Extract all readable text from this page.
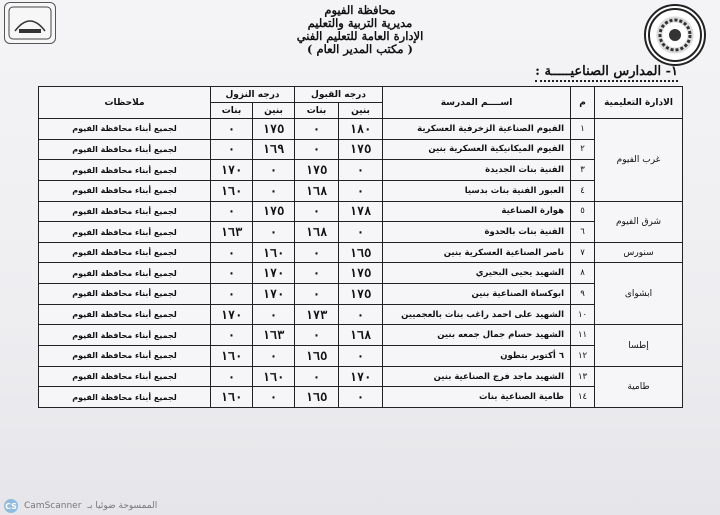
محافظة الفيوم
مديرية التربية والتعليم
الإدارة العامة للتعليم الفني
( مكتب المدير العام )
١- المدارس الصناعيـــــة :
الادارة التعليمية	م	اســــم المدرسة	درجه القبول		درجه النزول		ملاحظات
			بنين	بنات	بنين	بنات	
غرب الفيوم	١	الفيوم الصناعية الزخرفية العسكرية	١٨٠	٠	١٧٥	٠	لجميع أبناء محافظة الفيوم
	٢	الفيوم الميكانيكية العسكرية بنين	١٧٥	٠	١٦٩	٠	لجميع أبناء محافظة الفيوم
	٣	الفنية بنات الجديدة	٠	١٧٥	٠	١٧٠	لجميع أبناء محافظة الفيوم
	٤	العبور الفنية بنات بدسيا	٠	١٦٨	٠	١٦٠	لجميع أبناء محافظة الفيوم
شرق الفيوم	٥	هوارة الصناعية	١٧٨	٠	١٧٥	٠	لجميع أبناء محافظة الفيوم
	٦	الفنية بنات بالحدوة	٠	١٦٨	٠	١٦٣	لجميع أبناء محافظة الفيوم
سنورس	٧	ناصر الصناعية العسكرية بنين	١٦٥	٠	١٦٠	٠	لجميع أبناء محافظة الفيوم
ابشواى	٨	الشهيد يحيى البحيري	١٧٥	٠	١٧٠	٠	لجميع أبناء محافظة الفيوم
	٩	ابوكساة الصناعية بنين	١٧٥	٠	١٧٠	٠	لجميع أبناء محافظة الفيوم
	١٠	الشهيد على احمد راغب بنات بالعجميين	٠	١٧٣	٠	١٧٠	لجميع أبناء محافظة الفيوم
إطسا	١١	الشهيد حسام جمال جمعه بنين	١٦٨	٠	١٦٣	٠	لجميع أبناء محافظة الفيوم
	١٢	٦ أكتوبر بتطون	٠	١٦٥	٠	١٦٠	لجميع أبناء محافظة الفيوم
طامية	١٣	الشهيد ماجد فرج الصناعية بنين	١٧٠	٠	١٦٠	٠	لجميع أبناء محافظة الفيوم
	١٤	طامية الصناعية بنات	٠	١٦٥	٠	١٦٠	لجميع أبناء محافظة الفيوم
CS CamScanner الممسوحة ضوئيا بـ
